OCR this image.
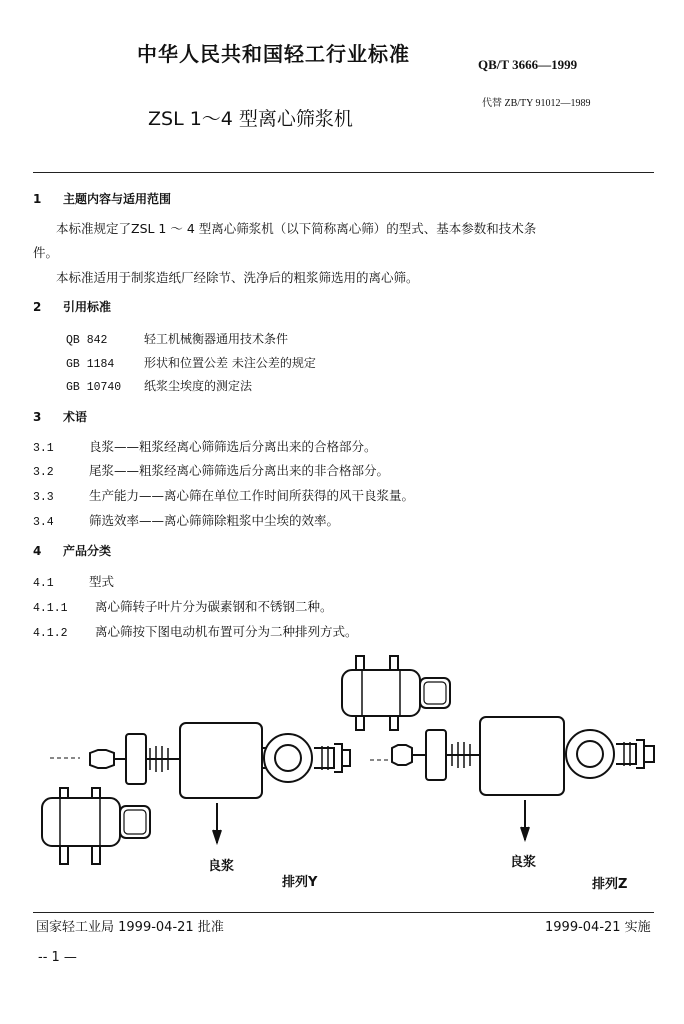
中华人民共和国轻工行业标准	QB/T 3666—1999
代替 ZB/TY 91012—1989
ZSL 1～4 型离心筛浆机
1 主题内容与适用范围
本标准规定了ZSL 1 ～ 4 型离心筛浆机（以下简称离心筛）的型式、基本参数和技术条
件。
本标准适用于制浆造纸厂经除节、洗净后的粗浆筛选用的离心筛。
2 引用标准
QB 842	轻工机械衡器通用技术条件
GB 1184 形状和位置公差 未注公差的规定
GB 10740 纸浆尘埃度的测定法
3 术语
3.1	良浆——粗浆经离心筛筛选后分离出来的合格部分。
3.2	尾浆——粗浆经离心筛筛选后分离出来的非合格部分。
3.3	生产能力——离心筛在单位工作时间所获得的风干良浆量。
3.4	筛选效率——离心筛筛除粗浆中尘埃的效率。
4 产品分类
4.1	型式
4.1.1 离心筛转子叶片分为碳素钢和不锈钢二种。
4.1.2 离心筛按下图电动机布置可分为二种排列方式。
良浆
排列Y
良浆
排列Z
国家轻工业局 1999-04-21 批准	1999-04-21 实施
-- 1 —
